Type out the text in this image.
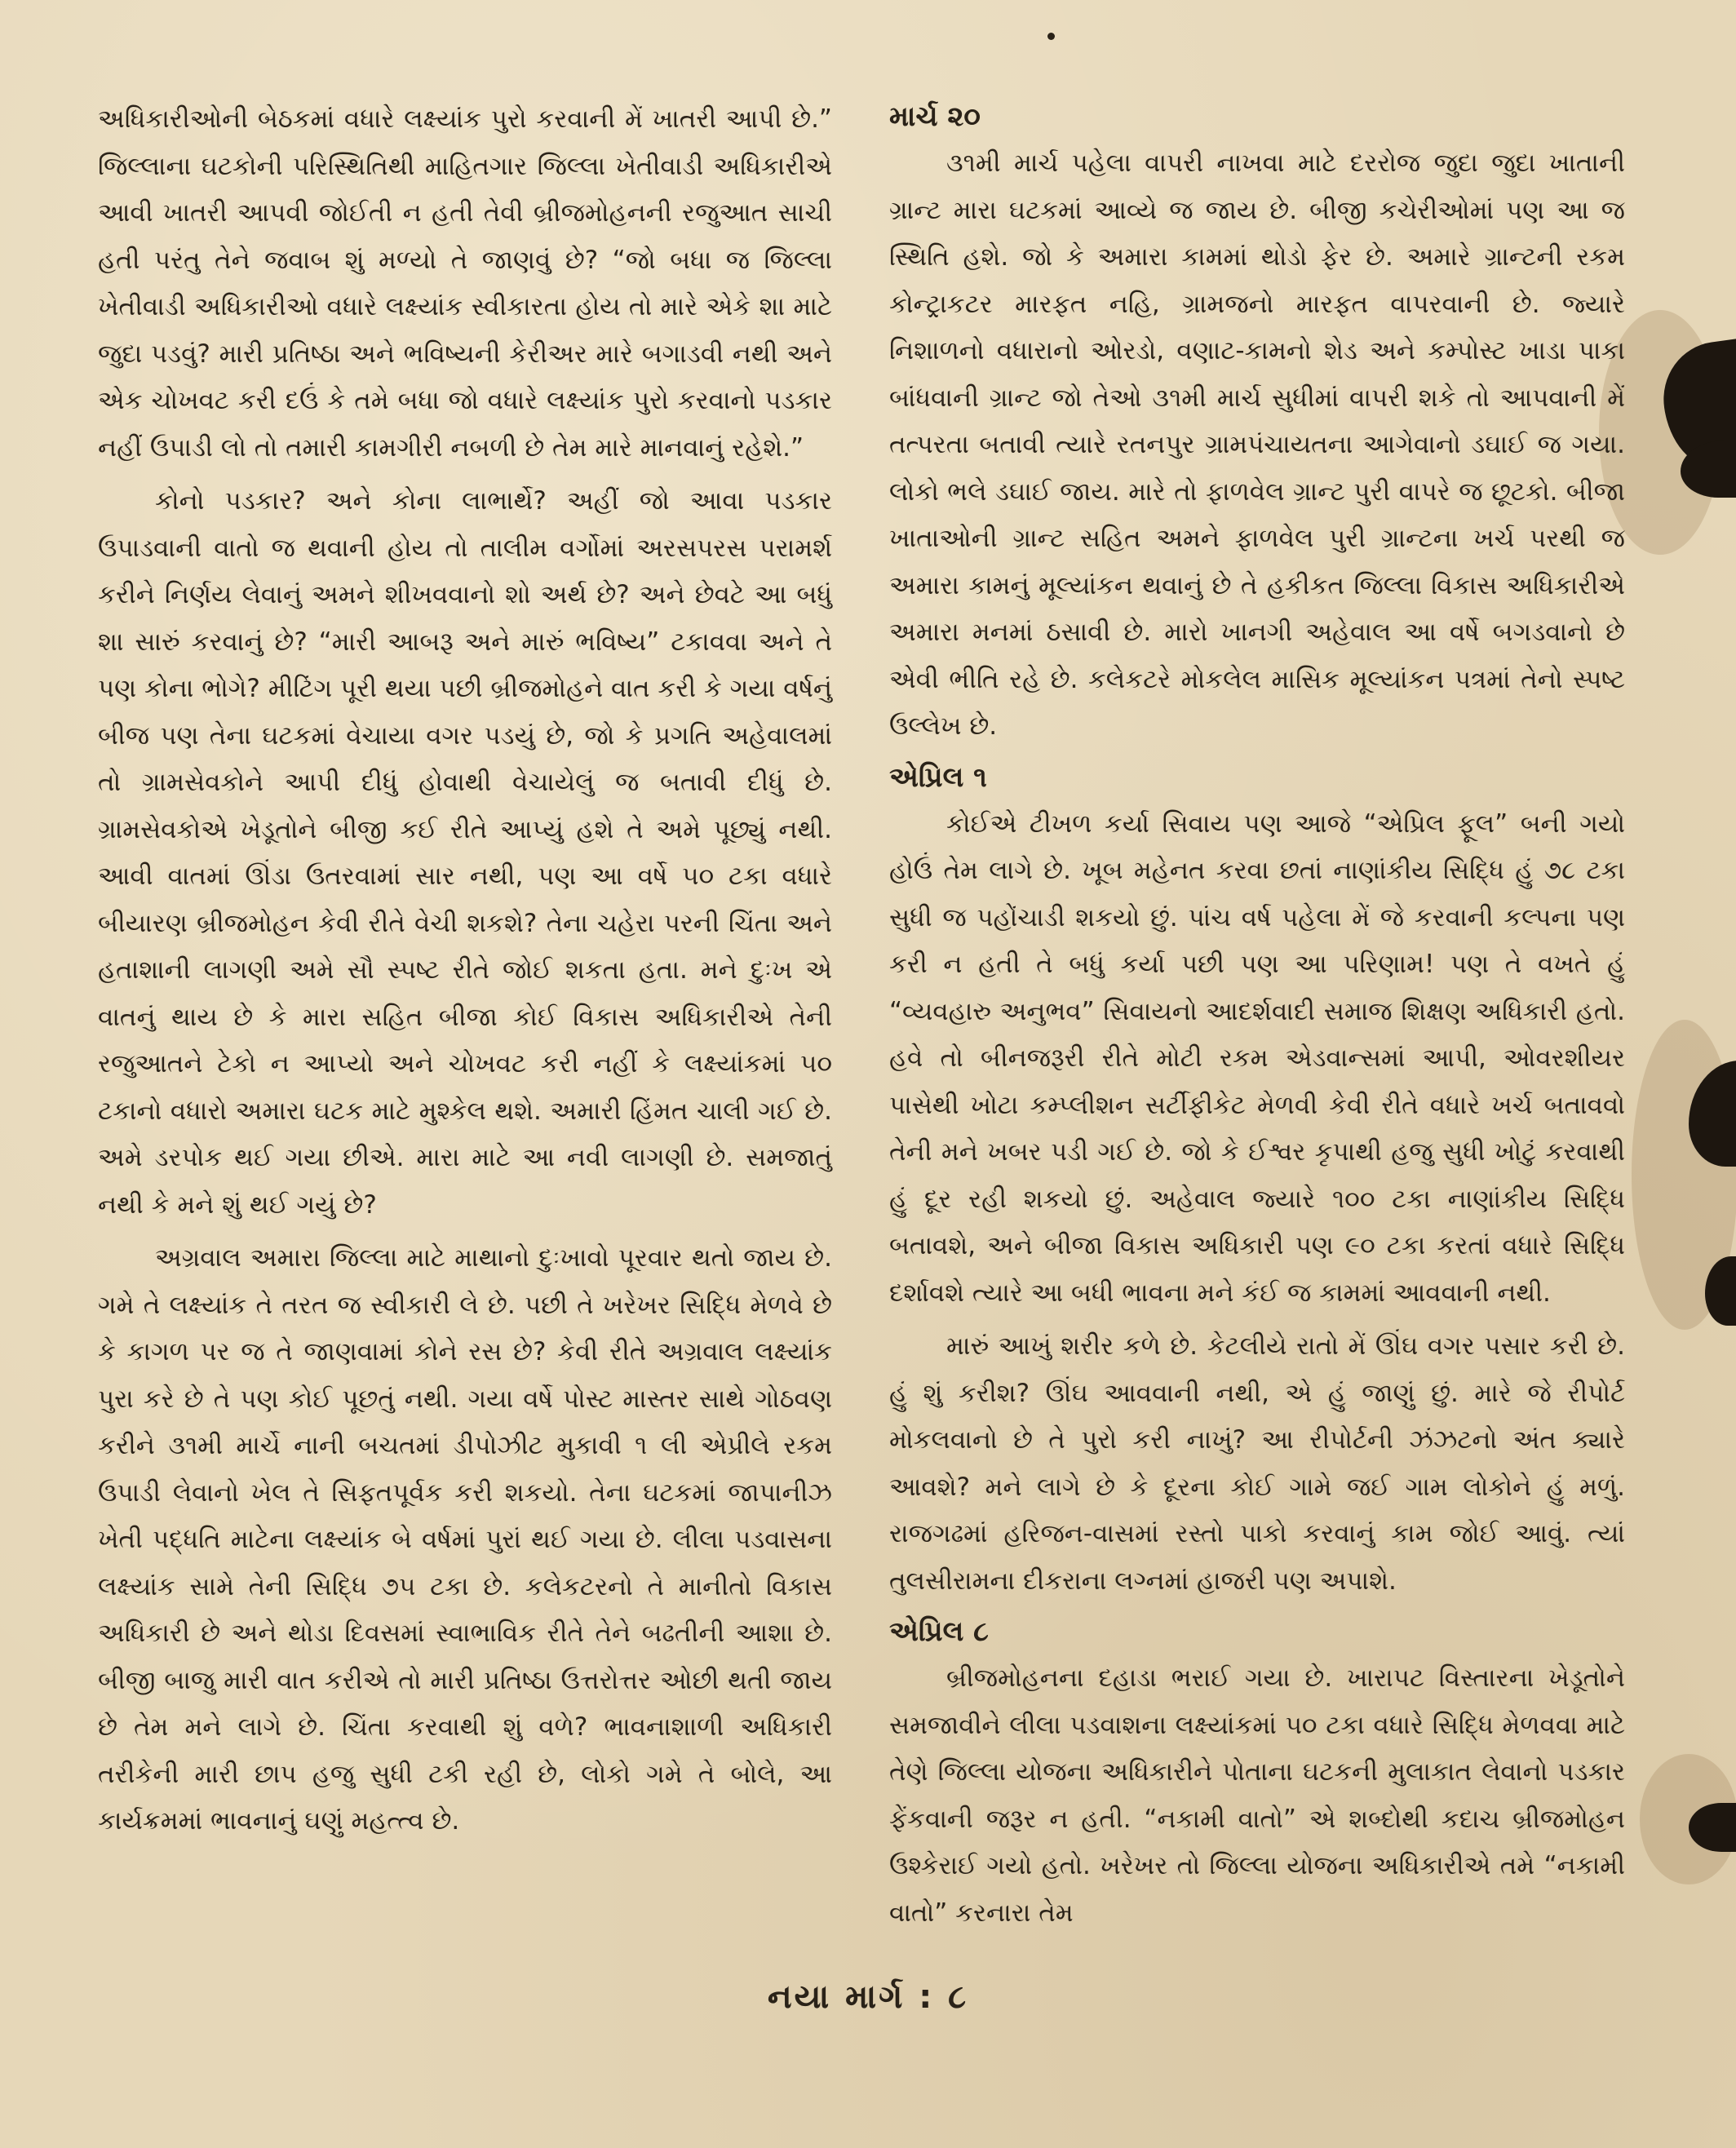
અધિકારીઓની બેઠકમાં વધારે લક્ષ્યાંક પુરો કરવાની મેં ખાતરી આપી છે.” જિલ્લાના ઘટકોની પરિસ્થિતિથી માહિતગાર જિલ્લા ખેતીવાડી અધિકારીએ આવી ખાતરી આપવી જોઈતી ન હતી તેવી બ્રીજમોહનની રજુઆત સાચી હતી પરંતુ તેને જવાબ શું મળ્યો તે જાણવું છે? “જો બધા જ જિલ્લા ખેતીવાડી અધિકારીઓ વધારે લક્ષ્યાંક સ્વીકારતા હોય તો મારે એકે શા માટે જુદા પડવું? મારી પ્રતિષ્ઠા અને ભવિષ્યની કેરીઅર મારે બગાડવી નથી અને એક ચોખવટ કરી દઉં કે તમે બધા જો વધારે લક્ષ્યાંક પુરો કરવાનો પડકાર નહીં ઉપાડી લો તો તમારી કામગીરી નબળી છે તેમ મારે માનવાનું રહેશે.”

કોનો પડકાર? અને કોના લાભાર્થે? અહીં જો આવા પડકાર ઉપાડવાની વાતો જ થવાની હોય તો તાલીમ વર્ગોમાં અરસપરસ પરામર્શ કરીને નિર્ણય લેવાનું અમને શીખવવાનો શો અર્થ છે? અને છેવટે આ બધું શા સારું કરવાનું છે? “મારી આબરૂ અને મારું ભવિષ્ય” ટકાવવા અને તે પણ કોના ભોગે? મીટિંગ પૂરી થયા પછી બ્રીજમોહને વાત કરી કે ગયા વર્ષનું બીજ પણ તેના ઘટકમાં વેચાયા વગર પડયું છે, જો કે પ્રગતિ અહેવાલમાં તો ગ્રામસેવકોને આપી દીધું હોવાથી વેચાયેલું જ બતાવી દીધું છે. ગ્રામસેવકોએ ખેડૂતોને બીજી કઈ રીતે આપ્યું હશે તે અમે પૂછ્યું નથી. આવી વાતમાં ઊંડા ઉતરવામાં સાર નથી, પણ આ વર્ષે ૫૦ ટકા વધારે બીયારણ બ્રીજમોહન કેવી રીતે વેચી શકશે? તેના ચહેરા પરની ચિંતા અને હતાશાની લાગણી અમે સૌ સ્પષ્ટ રીતે જોઈ શકતા હતા. મને દુઃખ એ વાતનું થાય છે કે મારા સહિત બીજા કોઈ વિકાસ અધિકારીએ તેની રજુઆતને ટેકો ન આપ્યો અને ચોખવટ કરી નહીં કે લક્ષ્યાંકમાં ૫૦ ટકાનો વધારો અમારા ઘટક માટે મુશ્કેલ થશે. અમારી હિંમત ચાલી ગઈ છે. અમે ડરપોક થઈ ગયા છીએ. મારા માટે આ નવી લાગણી છે. સમજાતું નથી કે મને શું થઈ ગયું છે?

અગ્રવાલ અમારા જિલ્લા માટે માથાનો દુઃખાવો પૂરવાર થતો જાય છે. ગમે તે લક્ષ્યાંક તે તરત જ સ્વીકારી લે છે. પછી તે ખરેખર સિદ્ધિ મેળવે છે કે કાગળ પર જ તે જાણવામાં કોને રસ છે? કેવી રીતે અગ્રવાલ લક્ષ્યાંક પુરા કરે છે તે પણ કોઈ પૂછતું નથી. ગયા વર્ષે પોસ્ટ માસ્તર સાથે ગોઠવણ કરીને ૩૧મી માર્ચે નાની બચતમાં ડીપોઝીટ મુકાવી ૧ લી એપ્રીલે રકમ ઉપાડી લેવાનો ખેલ તે સિફતપૂર્વક કરી શકયો. તેના ઘટકમાં જાપાનીઝ ખેતી પદ્ધતિ માટેના લક્ષ્યાંક બે વર્ષમાં પુરાં થઈ ગયા છે. લીલા પડવાસના લક્ષ્યાંક સામે તેની સિદ્ધિ ૭૫ ટકા છે. કલેકટરનો તે માનીતો વિકાસ અધિકારી છે અને થોડા દિવસમાં સ્વાભાવિક રીતે તેને બઢતીની આશા છે. બીજી બાજુ મારી વાત કરીએ તો મારી પ્રતિષ્ઠા ઉત્તરોત્તર ઓછી થતી જાય છે તેમ મને લાગે છે. ચિંતા કરવાથી શું વળે? ભાવનાશાળી અધિકારી તરીકેની મારી છાપ હજુ સુધી ટકી રહી છે, લોકો ગમે તે બોલે, આ કાર્યક્રમમાં ભાવનાનું ઘણું મહત્ત્વ છે.

માર્ચ ૨૦

૩૧મી માર્ચ પહેલા વાપરી નાખવા માટે દરરોજ જુદા જુદા ખાતાની ગ્રાન્ટ મારા ઘટકમાં આવ્યે જ જાય છે. બીજી કચેરીઓમાં પણ આ જ સ્થિતિ હશે. જો કે અમારા કામમાં થોડો ફેર છે. અમારે ગ્રાન્ટની રકમ કોન્ટ્રાકટર મારફત નહિ, ગ્રામજનો મારફત વાપરવાની છે. જ્યારે નિશાળનો વધારાનો ઓરડો, વણાટ-કામનો શેડ અને કમ્પોસ્ટ ખાડા પાકા બાંધવાની ગ્રાન્ટ જો તેઓ ૩૧મી માર્ચ સુધીમાં વાપરી શકે તો આપવાની મેં તત્પરતા બતાવી ત્યારે રતનપુર ગ્રામપંચાયતના આગેવાનો ડઘાઈ જ ગયા. લોકો ભલે ડઘાઈ જાય. મારે તો ફાળવેલ ગ્રાન્ટ પુરી વાપરે જ છૂટકો. બીજા ખાતાઓની ગ્રાન્ટ સહિત અમને ફાળવેલ પુરી ગ્રાન્ટના ખર્ચ પરથી જ અમારા કામનું મૂલ્યાંકન થવાનું છે તે હકીકત જિલ્લા વિકાસ અધિકારીએ અમારા મનમાં ઠસાવી છે. મારો ખાનગી અહેવાલ આ વર્ષે બગડવાનો છે એવી ભીતિ રહે છે. કલેકટરે મોકલેલ માસિક મૂલ્યાંકન પત્રમાં તેનો સ્પષ્ટ ઉલ્લેખ છે.

એપ્રિલ ૧

કોઈએ ટીખળ કર્યા સિવાય પણ આજે “એપ્રિલ ફૂલ” બની ગયો હોઉં તેમ લાગે છે. ખૂબ મહેનત કરવા છતાં નાણાંકીય સિદ્ધિ હું ૭૮ ટકા સુધી જ પહોંચાડી શકયો છું. પાંચ વર્ષ પહેલા મેં જે કરવાની કલ્પના પણ કરી ન હતી તે બધું કર્યા પછી પણ આ પરિણામ! પણ તે વખતે હું “વ્યવહારુ અનુભવ” સિવાયનો આદર્શવાદી સમાજ શિક્ષણ અધિકારી હતો. હવે તો બીનજરૂરી રીતે મોટી રકમ એડવાન્સમાં આપી, ઓવરશીયર પાસેથી ખોટા કમ્પ્લીશન સર્ટીફીકેટ મેળવી કેવી રીતે વધારે ખર્ચ બતાવવો તેની મને ખબર પડી ગઈ છે. જો કે ઈશ્વર કૃપાથી હજુ સુધી ખોટું કરવાથી હું દૂર રહી શકયો છું. અહેવાલ જ્યારે ૧૦૦ ટકા નાણાંકીય સિદ્ધિ બતાવશે, અને બીજા વિકાસ અધિકારી પણ ૯૦ ટકા કરતાં વધારે સિદ્ધિ દર્શાવશે ત્યારે આ બધી ભાવના મને કંઈ જ કામમાં આવવાની નથી.

મારું આખું શરીર કળે છે. કેટલીયે રાતો મેં ઊંઘ વગર પસાર કરી છે. હું શું કરીશ? ઊંઘ આવવાની નથી, એ હું જાણું છું. મારે જે રીપોર્ટ મોકલવાનો છે તે પુરો કરી નાખું? આ રીપોર્ટની ઝંઝટનો અંત ક્યારે આવશે? મને લાગે છે કે દૂરના કોઈ ગામે જઈ ગામ લોકોને હું મળું. રાજગઢમાં હરિજન-વાસમાં રસ્તો પાકો કરવાનું કામ જોઈ આવું. ત્યાં તુલસીરામના દીકરાના લગ્નમાં હાજરી પણ અપાશે.

એપ્રિલ ૮

બ્રીજમોહનના દહાડા ભરાઈ ગયા છે. ખારાપટ વિસ્તારના ખેડૂતોને સમજાવીને લીલા પડવાશના લક્ષ્યાંકમાં ૫૦ ટકા વધારે સિદ્ધિ મેળવવા માટે તેણે જિલ્લા યોજના અધિકારીને પોતાના ઘટકની મુલાકાત લેવાનો પડકાર ફેંકવાની જરૂર ન હતી. “નકામી વાતો” એ શબ્દોથી કદાચ બ્રીજમોહન ઉશ્કેરાઈ ગયો હતો. ખરેખર તો જિલ્લા યોજના અધિકારીએ તમે “નકામી વાતો” કરનારા તેમ

નયા માર્ગ : ૮
